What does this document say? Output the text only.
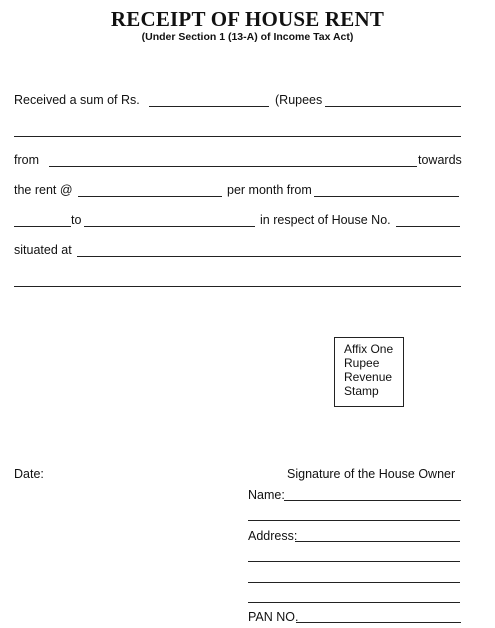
RECEIPT OF HOUSE RENT
(Under Section 1 (13-A) of Income Tax Act)
Received a sum of Rs.	(Rupees
from	towards
the rent @	per month from
to	in respect of House No.
situated at
Affix One
Rupee
Revenue
Stamp
Date:	Signature of the House Owner
Name:
Address:
PAN NO.
